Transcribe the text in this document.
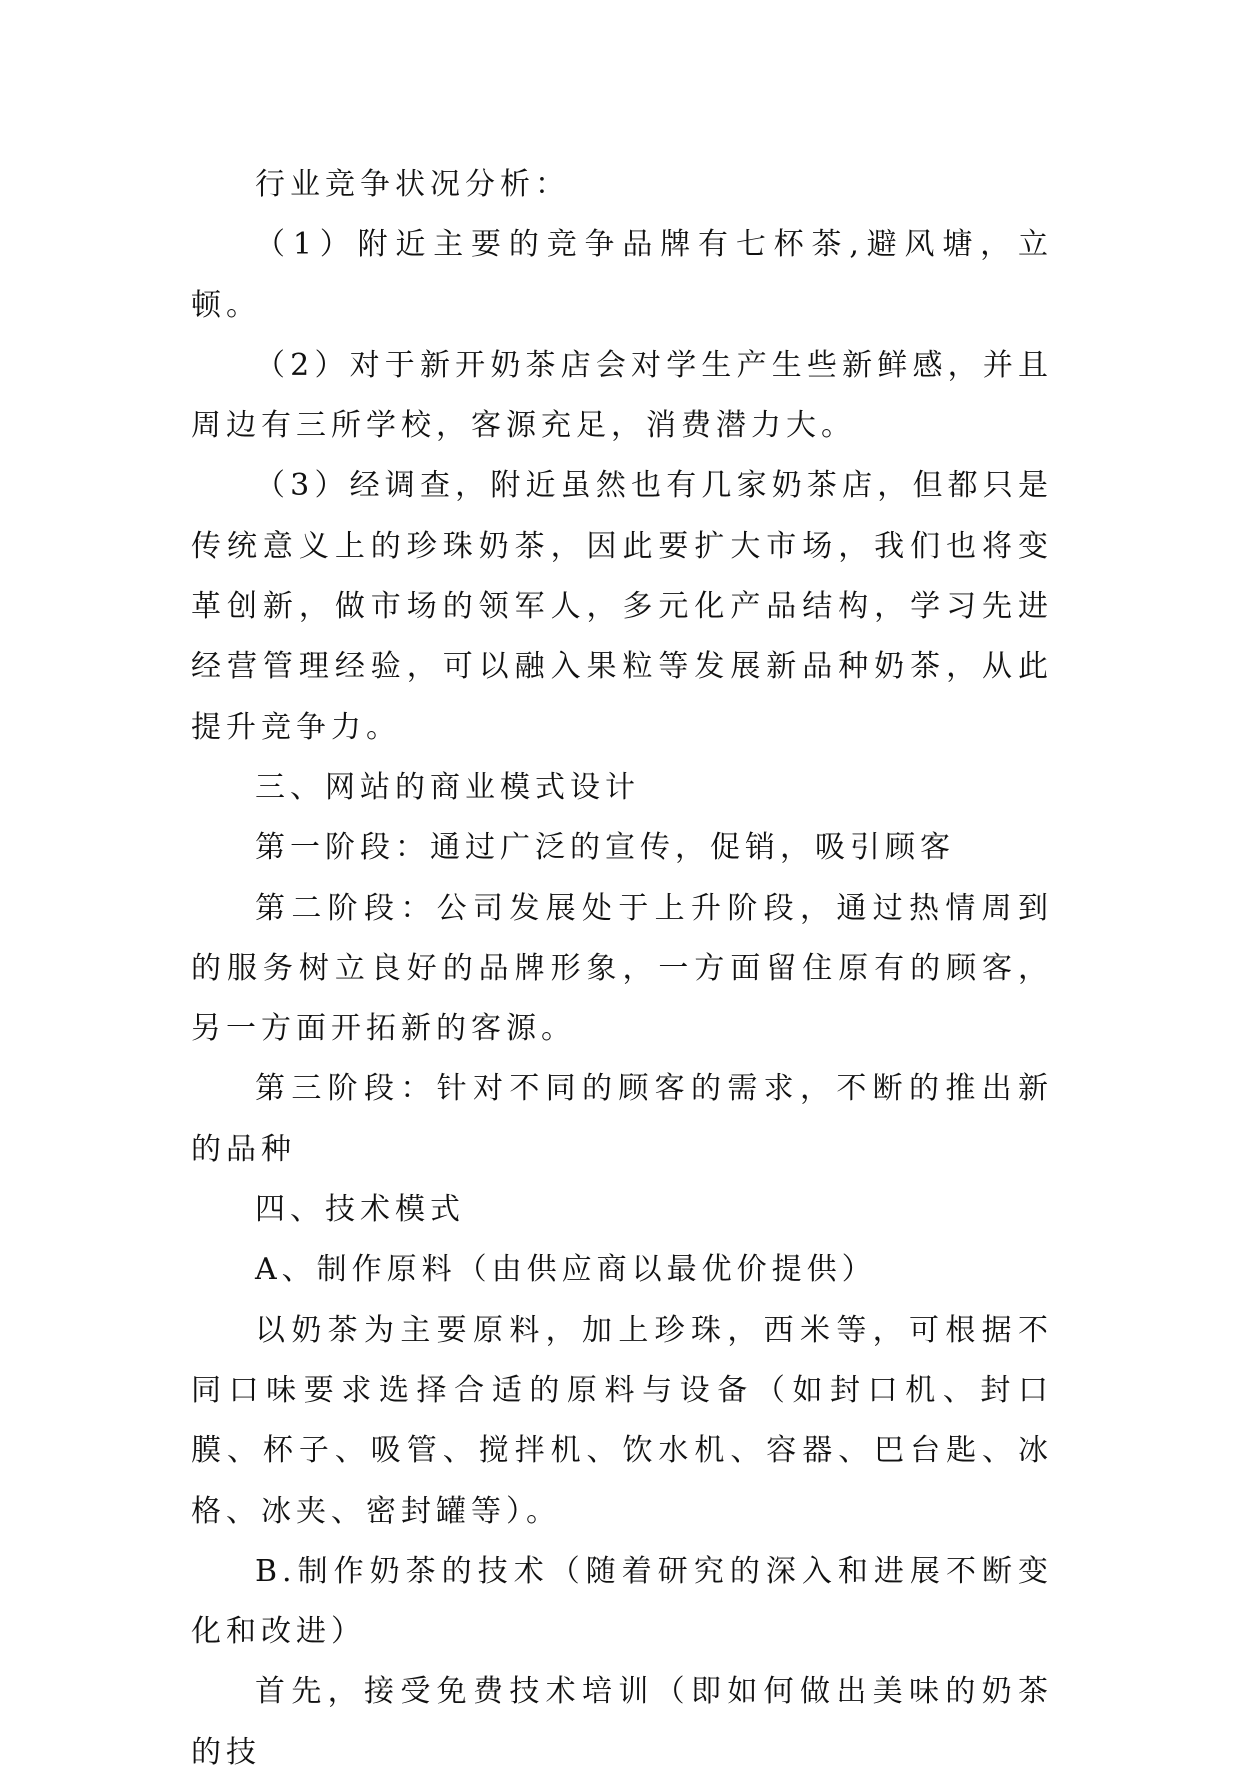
行业竞争状况分析：

（1）附近主要的竞争品牌有七杯茶,避风塘，立顿。

（2）对于新开奶茶店会对学生产生些新鲜感，并且周边有三所学校，客源充足，消费潜力大。

（3）经调查，附近虽然也有几家奶茶店，但都只是传统意义上的珍珠奶茶，因此要扩大市场，我们也将变革创新，做市场的领军人，多元化产品结构，学习先进经营管理经验，可以融入果粒等发展新品种奶茶，从此提升竞争力。

三、网站的商业模式设计

第一阶段：通过广泛的宣传，促销，吸引顾客

第二阶段：公司发展处于上升阶段，通过热情周到的服务树立良好的品牌形象，一方面留住原有的顾客，另一方面开拓新的客源。

第三阶段：针对不同的顾客的需求，不断的推出新的品种

四、技术模式

A、制作原料（由供应商以最优价提供）

以奶茶为主要原料，加上珍珠，西米等，可根据不同口味要求选择合适的原料与设备（如封口机、封口膜、杯子、吸管、搅拌机、饮水机、容器、巴台匙、冰格、冰夹、密封罐等）。

B.制作奶茶的技术（随着研究的深入和进展不断变化和改进）

首先，接受免费技术培训（即如何做出美味的奶茶的技
